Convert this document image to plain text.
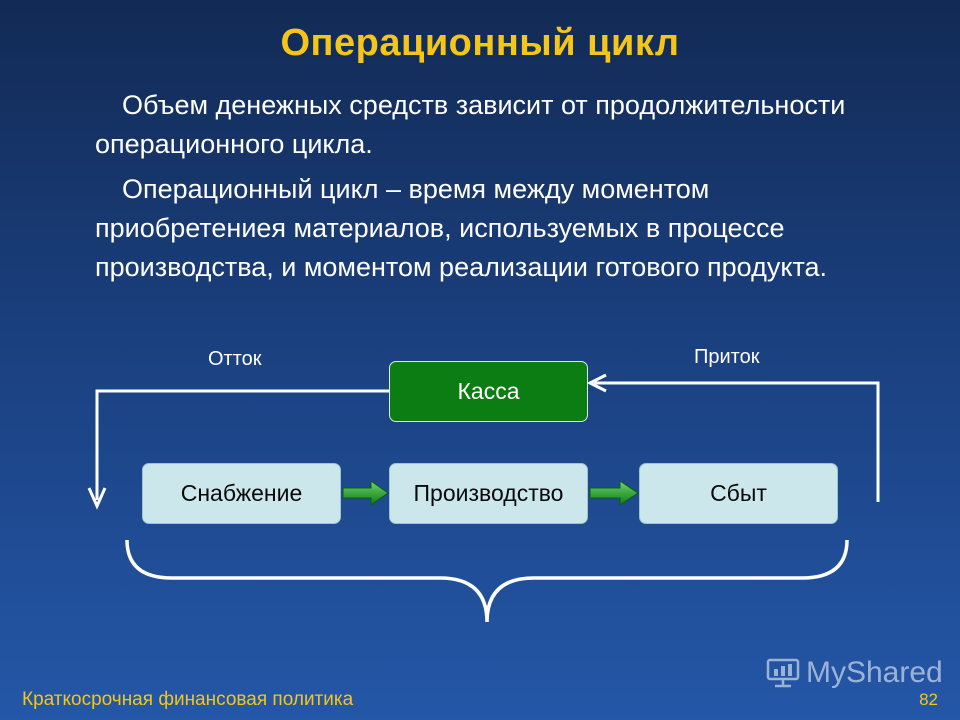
Операционный цикл
Объем денежных средств зависит от продолжительности операционного цикла.
Операционный цикл – время между моментом приобретениея материалов, используемых в процессе производства, и моментом реализации готового продукта.
Отток	Приток
Касса
Снабжение	Производство	Сбыт
MyShared
Краткосрочная финансовая политика	82
